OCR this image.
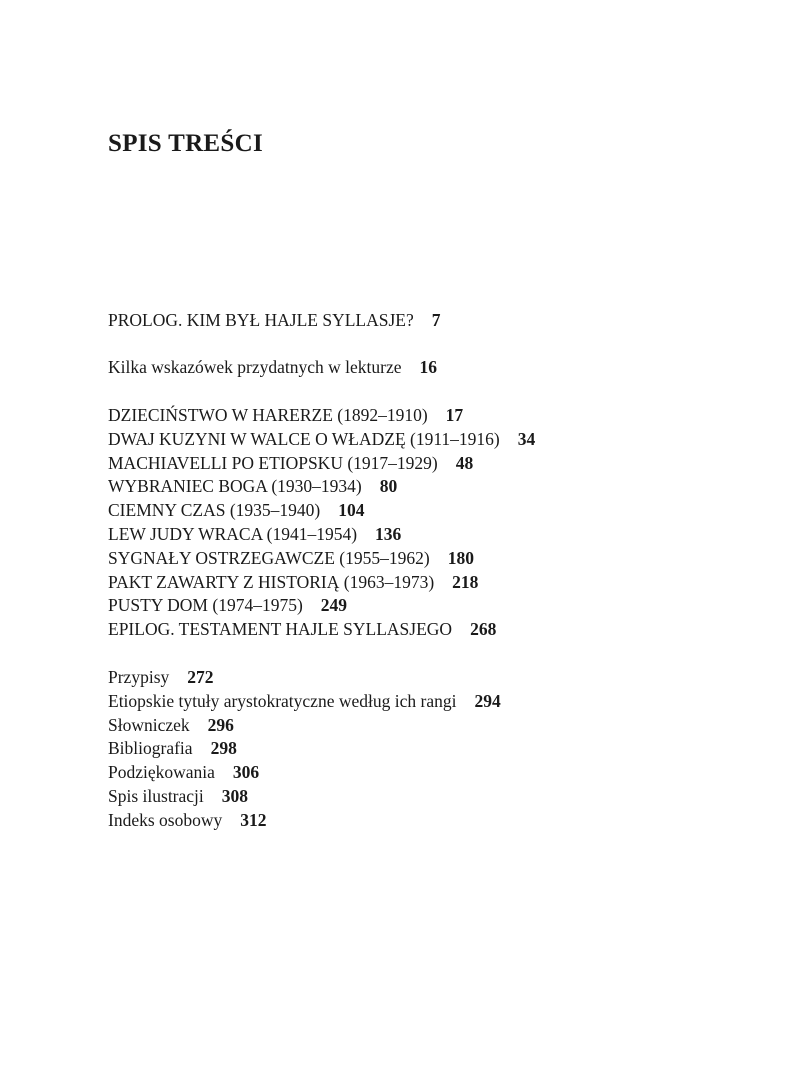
SPIS TREŚCI
PROLOG. KIM BYŁ HAJLE SYLLASJE? 7
Kilka wskazówek przydatnych w lekturze 16
DZIECIŃSTWO W HARERZE (1892–1910) 17
DWAJ KUZYNI W WALCE O WŁADZĘ (1911–1916) 34
MACHIAVELLI PO ETIOPSKU (1917–1929) 48
WYBRANIEC BOGA (1930–1934) 80
CIEMNY CZAS (1935–1940) 104
LEW JUDY WRACA (1941–1954) 136
SYGNAŁY OSTRZEGAWCZE (1955–1962) 180
PAKT ZAWARTY Z HISTORIĄ (1963–1973) 218
PUSTY DOM (1974–1975) 249
EPILOG. TESTAMENT HAJLE SYLLASJEGO 268
Przypisy 272
Etiopskie tytuły arystokratyczne według ich rangi 294
Słowniczek 296
Bibliografia 298
Podziękowania 306
Spis ilustracji 308
Indeks osobowy 312
